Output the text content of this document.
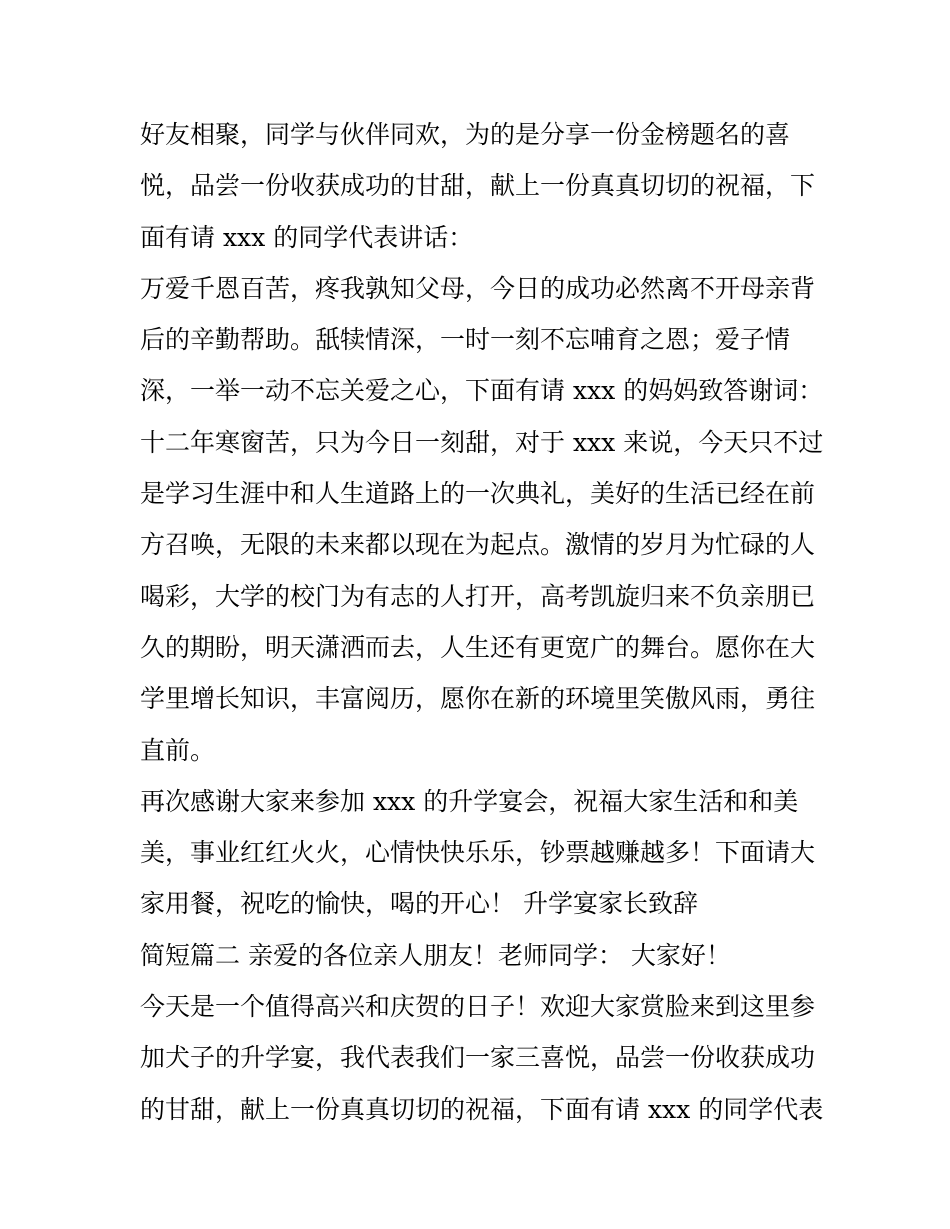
好友相聚，同学与伙伴同欢，为的是分享一份金榜题名的喜
悦，品尝一份收获成功的甘甜，献上一份真真切切的祝福，下
面有请 xxx 的同学代表讲话：
万爱千恩百苦，疼我孰知父母，今日的成功必然离不开母亲背
后的辛勤帮助。舐犊情深，一时一刻不忘哺育之恩；爱子情
深，一举一动不忘关爱之心，下面有请 xxx 的妈妈致答谢词：
十二年寒窗苦，只为今日一刻甜，对于 xxx 来说，今天只不过
是学习生涯中和人生道路上的一次典礼，美好的生活已经在前
方召唤，无限的未来都以现在为起点。激情的岁月为忙碌的人
喝彩，大学的校门为有志的人打开，高考凯旋归来不负亲朋已
久的期盼，明天潇洒而去，人生还有更宽广的舞台。愿你在大
学里增长知识，丰富阅历，愿你在新的环境里笑傲风雨，勇往
直前。
再次感谢大家来参加 xxx 的升学宴会，祝福大家生活和和美
美，事业红红火火，心情快快乐乐，钞票越赚越多！下面请大
家用餐，祝吃的愉快，喝的开心！ 升学宴家长致辞
简短篇二 亲爱的各位亲人朋友！老师同学： 大家好！
今天是一个值得高兴和庆贺的日子！欢迎大家赏脸来到这里参
加犬子的升学宴，我代表我们一家三喜悦，品尝一份收获成功
的甘甜，献上一份真真切切的祝福，下面有请 xxx 的同学代表
